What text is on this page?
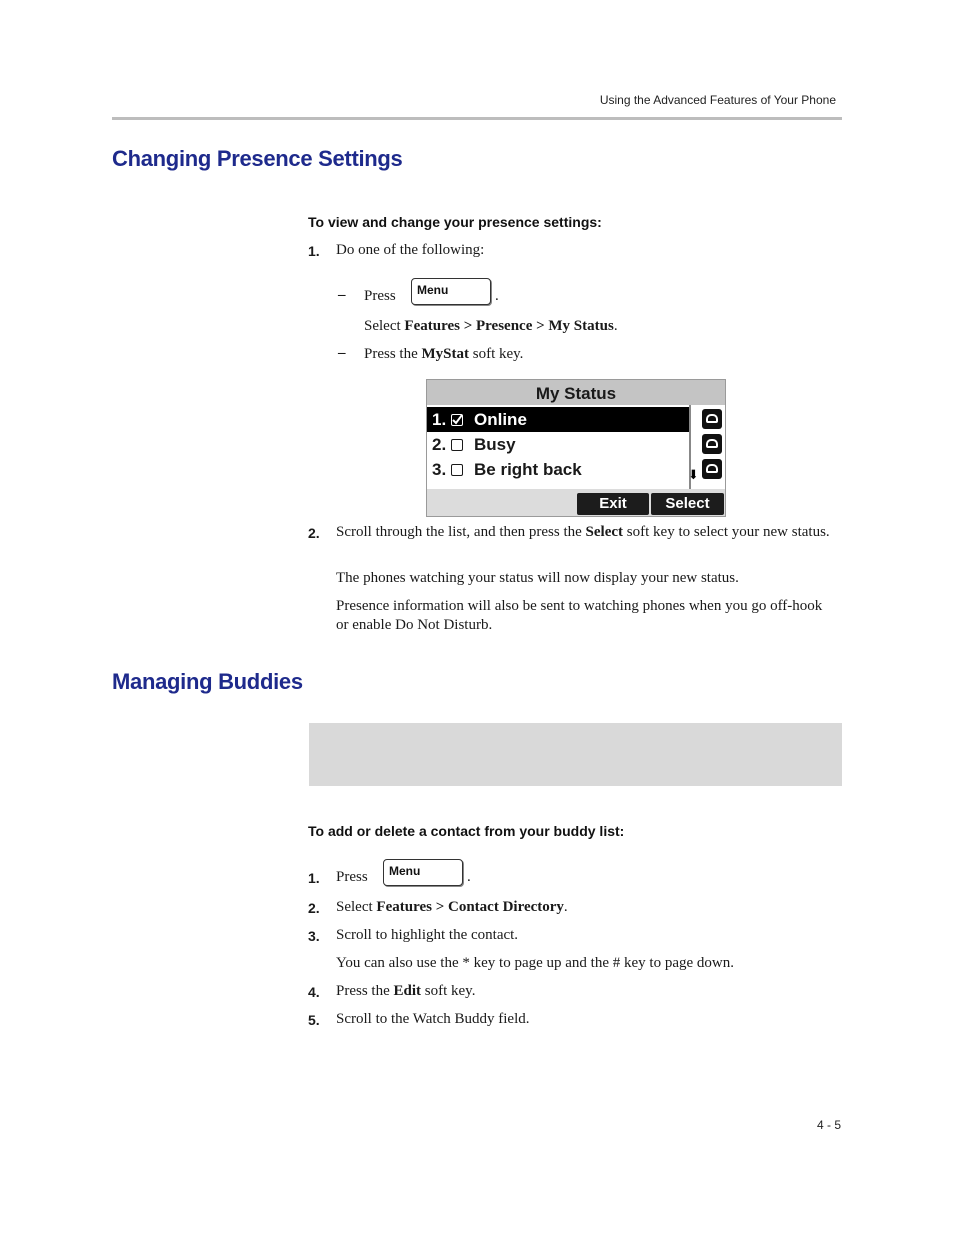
Using the Advanced Features of Your Phone
Changing Presence Settings
To view and change your presence settings:
1. Do one of the following:
– Press Menu	.
Select Features > Presence > My Status.
– Press the MyStat soft key.
My Status
1. Online
2. Busy
3. Be right back	⬇
Exit	Select
2. Scroll through the list, and then press the Select soft key to select your new status.
The phones watching your status will now display your new status.
Presence information will also be sent to watching phones when you go off-hook or enable Do Not Disturb.
Managing Buddies
To add or delete a contact from your buddy list:
1. Press Menu	.
2. Select Features > Contact Directory.
3. Scroll to highlight the contact.
You can also use the * key to page up and the # key to page down.
4. Press the Edit soft key.
5. Scroll to the Watch Buddy field.
4 - 5
